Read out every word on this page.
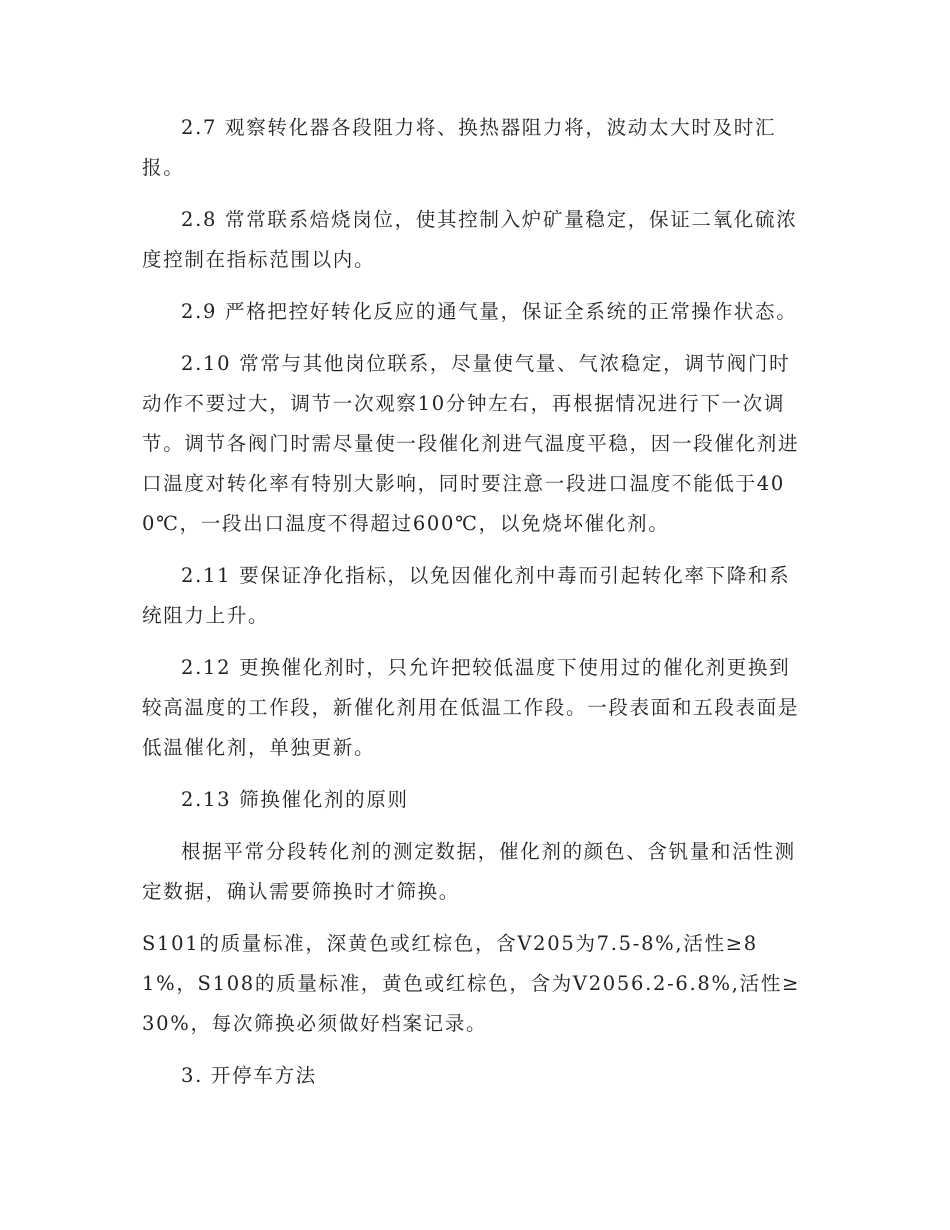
2.7 观察转化器各段阻力将、换热器阻力将，波动太大时及时汇报。

2.8 常常联系焙烧岗位，使其控制入炉矿量稳定，保证二氧化硫浓度控制在指标范围以内。

2.9 严格把控好转化反应的通气量，保证全系统的正常操作状态。

2.10 常常与其他岗位联系，尽量使气量、气浓稳定，调节阀门时动作不要过大，调节一次观察10分钟左右，再根据情况进行下一次调节。调节各阀门时需尽量使一段催化剂进气温度平稳，因一段催化剂进口温度对转化率有特别大影响，同时要注意一段进口温度不能低于400℃，一段出口温度不得超过600℃，以免烧坏催化剂。

2.11 要保证净化指标，以免因催化剂中毒而引起转化率下降和系统阻力上升。

2.12 更换催化剂时，只允许把较低温度下使用过的催化剂更换到较高温度的工作段，新催化剂用在低温工作段。一段表面和五段表面是低温催化剂，单独更新。

2.13 筛换催化剂的原则

根据平常分段转化剂的测定数据，催化剂的颜色、含钒量和活性测定数据，确认需要筛换时才筛换。

S101的质量标准，深黄色或红棕色，含V205为7.5-8%,活性≥81%，S108的质量标准，黄色或红棕色，含为V2056.2-6.8%,活性≥30%，每次筛换必须做好档案记录。

3. 开停车方法
